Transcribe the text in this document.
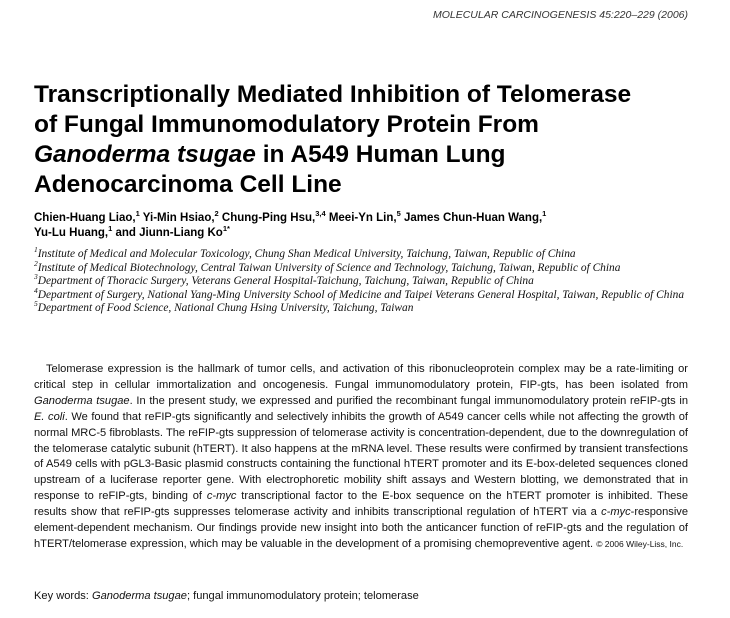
MOLECULAR CARCINOGENESIS 45:220–229 (2006)
Transcriptionally Mediated Inhibition of Telomerase of Fungal Immunomodulatory Protein From Ganoderma tsugae in A549 Human Lung Adenocarcinoma Cell Line

Chien-Huang Liao,$^1$ Yi-Min Hsiao,$^2$ Chung-Ping Hsu,$^{3,4}$ Meei-Yn Lin,$^5$ James Chun-Huan Wang,$^1$
Yu-Lu Huang,$^1$ and Jiunn-Liang $Ko^{1*}$

$^1$Institute of Medical and Molecular Toxicology, Chung Shan Medical University, Taichung, Taiwan, Republic of China

$^2$Institute of Medical Biotechnology, Central Taiwan University of Science and Technology, Taichung, Taiwan, Republic of China

$^3$Department of Thoracic Surgery, Veterans General Hospital-Taichung, Taichung, Taiwan, Republic of China

$^4$Department of Surgery, National Yang-Ming University School of Medicine and Taipei Veterans General Hospital, Taiwan, Republic of China

$^5$Department of Food Science, National Chung Hsing University, Taichung, Taiwan

Telomerase expression is the hallmark of tumor cells, and activation of this ribonucleoprotein complex may be a rate-limiting or critical step in cellular immortalization and oncogenesis. Fungal immunomodulatory protein, FIP-gts, has been isolated from Ganoderma tsugae. In the present study, we expressed and purified the recombinant fungal immunomodulatory protein reFIP-gts in E. coli. We found that reFIP-gts significantly and selectively inhibits the growth of A549 cancer cells while not affecting the growth of normal MRC-5 fibroblasts. The reFIP-gts suppression of telomerase activity is concentration-dependent, due to the downregulation of the telomerase catalytic subunit (hTERT). It also happens at the mRNA level. These results were confirmed by transient transfections of A549 cells with pGL3-Basic plasmid constructs containing the functional hTERT promoter and its E-box-deleted sequences cloned upstream of a luciferase reporter gene. With electrophoretic mobility shift assays and Western blotting, we demonstrated that in response to reFIP-gts, binding of c-myc transcriptional factor to the E-box sequence on the hTERT promoter is inhibited. These results show that reFIP-gts suppresses telomerase activity and inhibits transcriptional regulation of hTERT via a c-myc-responsive element-dependent mechanism. Our findings provide new insight into both the anticancer function of reFIP-gts and the regulation of hTERT/telomerase expression, which may be valuable in the development of a promising chemopreventive agent. © 2006 Wiley-Liss, Inc.

Key words: Ganoderma tsugae; fungal immunomodulatory protein; telomerase
